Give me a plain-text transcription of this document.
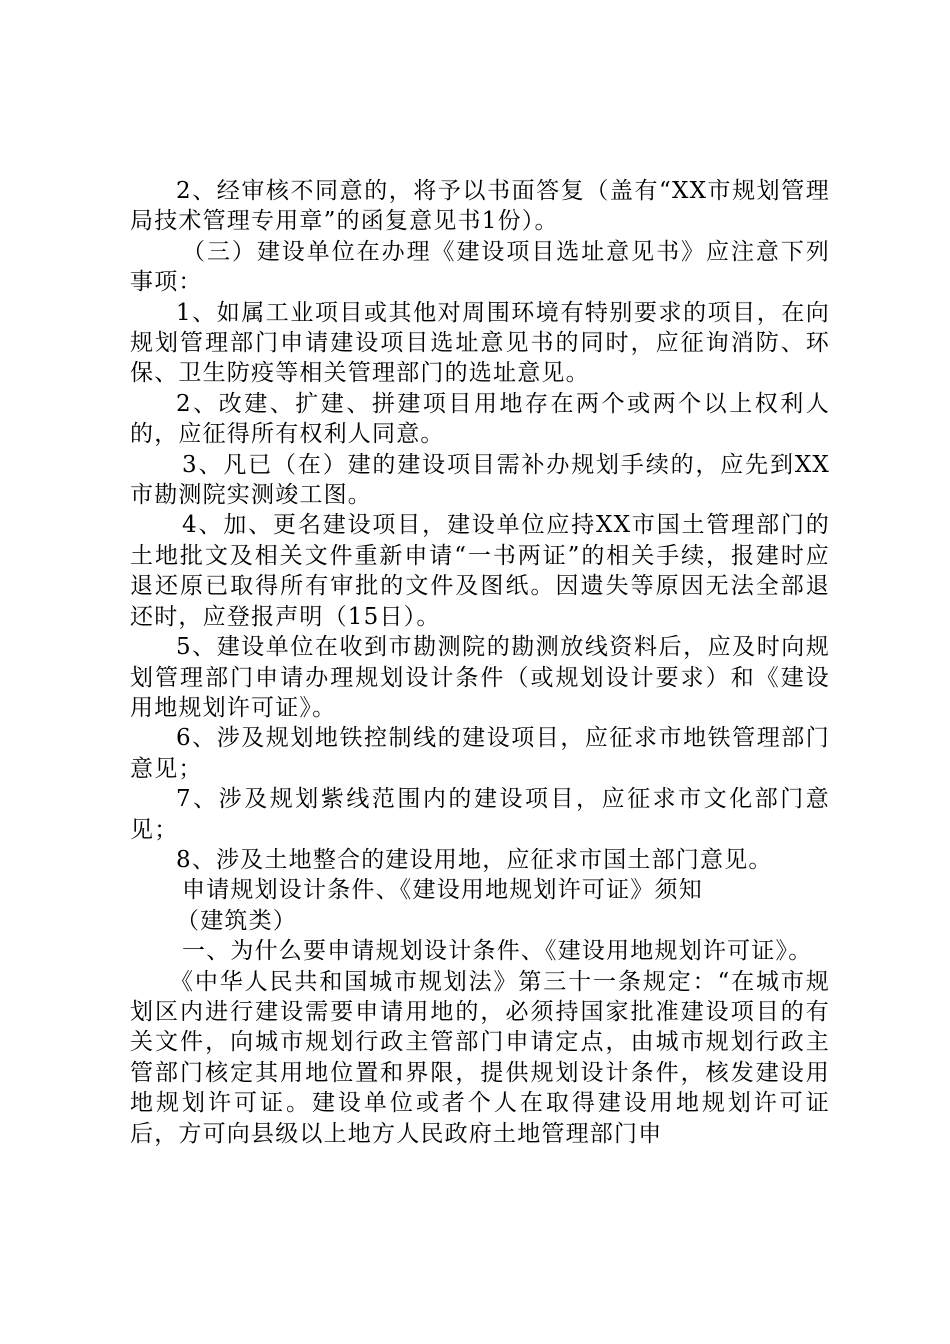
2、经审核不同意的，将予以书面答复（盖有“XX市规划管理局技术管理专用章”的函复意见书1份）。

（三）建设单位在办理《建设项目选址意见书》应注意下列事项：

1、如属工业项目或其他对周围环境有特别要求的项目，在向规划管理部门申请建设项目选址意见书的同时，应征询消防、环保、卫生防疫等相关管理部门的选址意见。

2、改建、扩建、拼建项目用地存在两个或两个以上权利人的，应征得所有权利人同意。

3、凡已（在）建的建设项目需补办规划手续的，应先到XX市勘测院实测竣工图。

4、加、更名建设项目，建设单位应持XX市国土管理部门的土地批文及相关文件重新申请“一书两证”的相关手续，报建时应退还原已取得所有审批的文件及图纸。因遗失等原因无法全部退还时，应登报声明（15日）。

5、建设单位在收到市勘测院的勘测放线资料后，应及时向规划管理部门申请办理规划设计条件（或规划设计要求）和《建设用地规划许可证》。

6、涉及规划地铁控制线的建设项目，应征求市地铁管理部门意见；

7、涉及规划紫线范围内的建设项目，应征求市文化部门意见；

8、涉及土地整合的建设用地，应征求市国土部门意见。

申请规划设计条件、《建设用地规划许可证》须知

（建筑类）

一、为什么要申请规划设计条件、《建设用地规划许可证》。

《中华人民共和国城市规划法》第三十一条规定：“在城市规划区内进行建设需要申请用地的，必须持国家批准建设项目的有关文件，向城市规划行政主管部门申请定点，由城市规划行政主管部门核定其用地位置和界限，提供规划设计条件，核发建设用地规划许可证。建设单位或者个人在取得建设用地规划许可证后，方可向县级以上地方人民政府土地管理部门申
